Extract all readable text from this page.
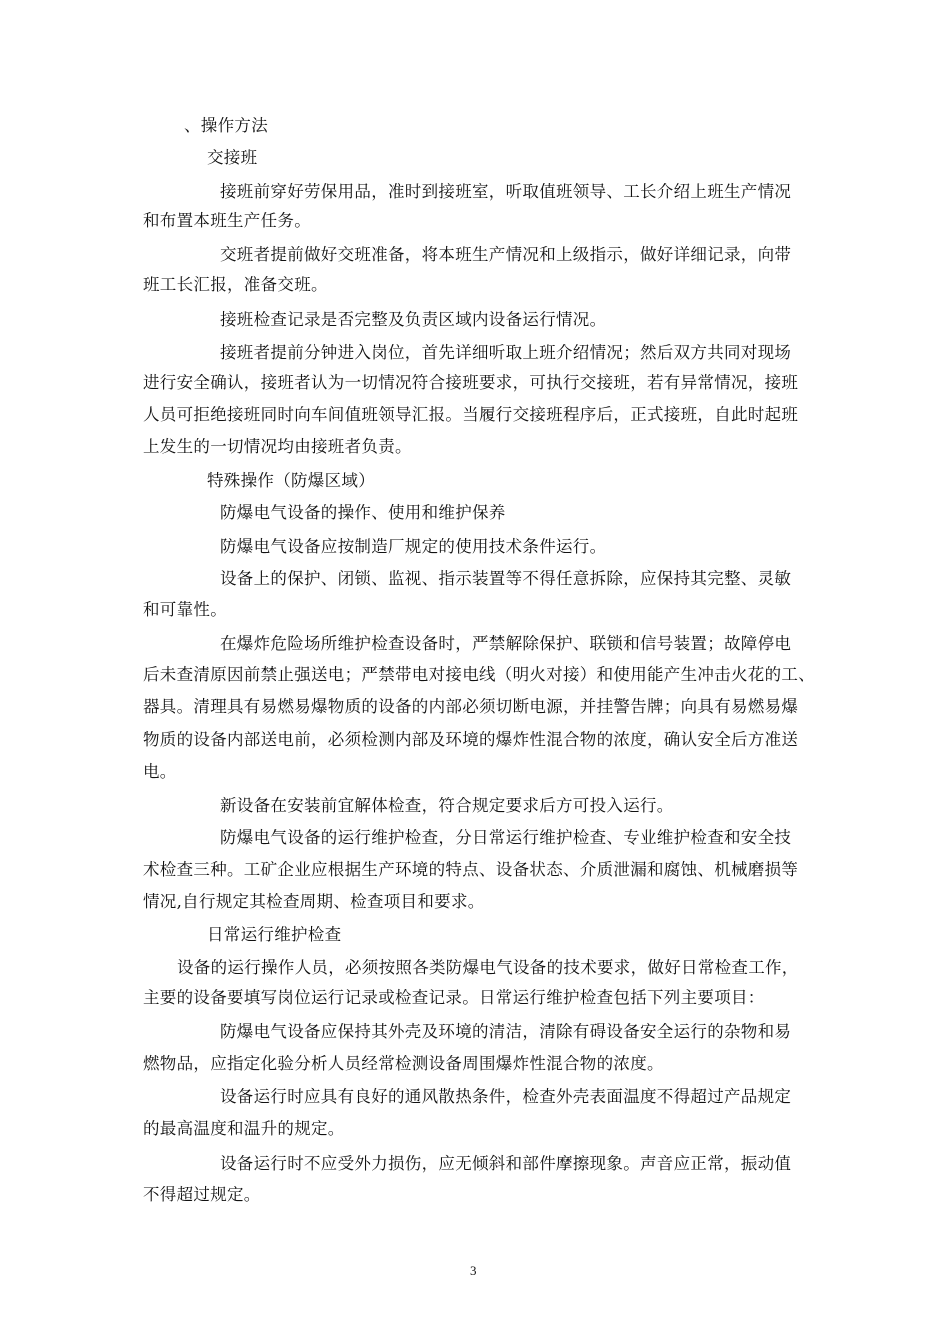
、操作方法
交接班
接班前穿好劳保用品，准时到接班室，听取值班领导、工长介绍上班生产情况
和布置本班生产任务。
交班者提前做好交班准备，将本班生产情况和上级指示，做好详细记录，向带
班工长汇报，准备交班。
接班检查记录是否完整及负责区域内设备运行情况。
接班者提前分钟进入岗位，首先详细听取上班介绍情况；然后双方共同对现场
进行安全确认，接班者认为一切情况符合接班要求，可执行交接班，若有异常情况，接班
人员可拒绝接班同时向车间值班领导汇报。当履行交接班程序后，正式接班，自此时起班
上发生的一切情况均由接班者负责。
特殊操作（防爆区域）
防爆电气设备的操作、使用和维护保养
防爆电气设备应按制造厂规定的使用技术条件运行。
设备上的保护、闭锁、监视、指示装置等不得任意拆除，应保持其完整、灵敏
和可靠性。
在爆炸危险场所维护检查设备时，严禁解除保护、联锁和信号装置；故障停电
后未查清原因前禁止强送电；严禁带电对接电线（明火对接）和使用能产生冲击火花的工、
器具。清理具有易燃易爆物质的设备的内部必须切断电源，并挂警告牌；向具有易燃易爆
物质的设备内部送电前，必须检测内部及环境的爆炸性混合物的浓度，确认安全后方准送
电。
新设备在安装前宜解体检查，符合规定要求后方可投入运行。
防爆电气设备的运行维护检查，分日常运行维护检查、专业维护检查和安全技
术检查三种。工矿企业应根据生产环境的特点、设备状态、介质泄漏和腐蚀、机械磨损等
情况,自行规定其检查周期、检查项目和要求。
日常运行维护检查
设备的运行操作人员，必须按照各类防爆电气设备的技术要求，做好日常检查工作，
主要的设备要填写岗位运行记录或检查记录。日常运行维护检查包括下列主要项目：
防爆电气设备应保持其外壳及环境的清洁，清除有碍设备安全运行的杂物和易
燃物品，应指定化验分析人员经常检测设备周围爆炸性混合物的浓度。
设备运行时应具有良好的通风散热条件，检查外壳表面温度不得超过产品规定
的最高温度和温升的规定。
设备运行时不应受外力损伤，应无倾斜和部件摩擦现象。声音应正常，振动值
不得超过规定。
3
